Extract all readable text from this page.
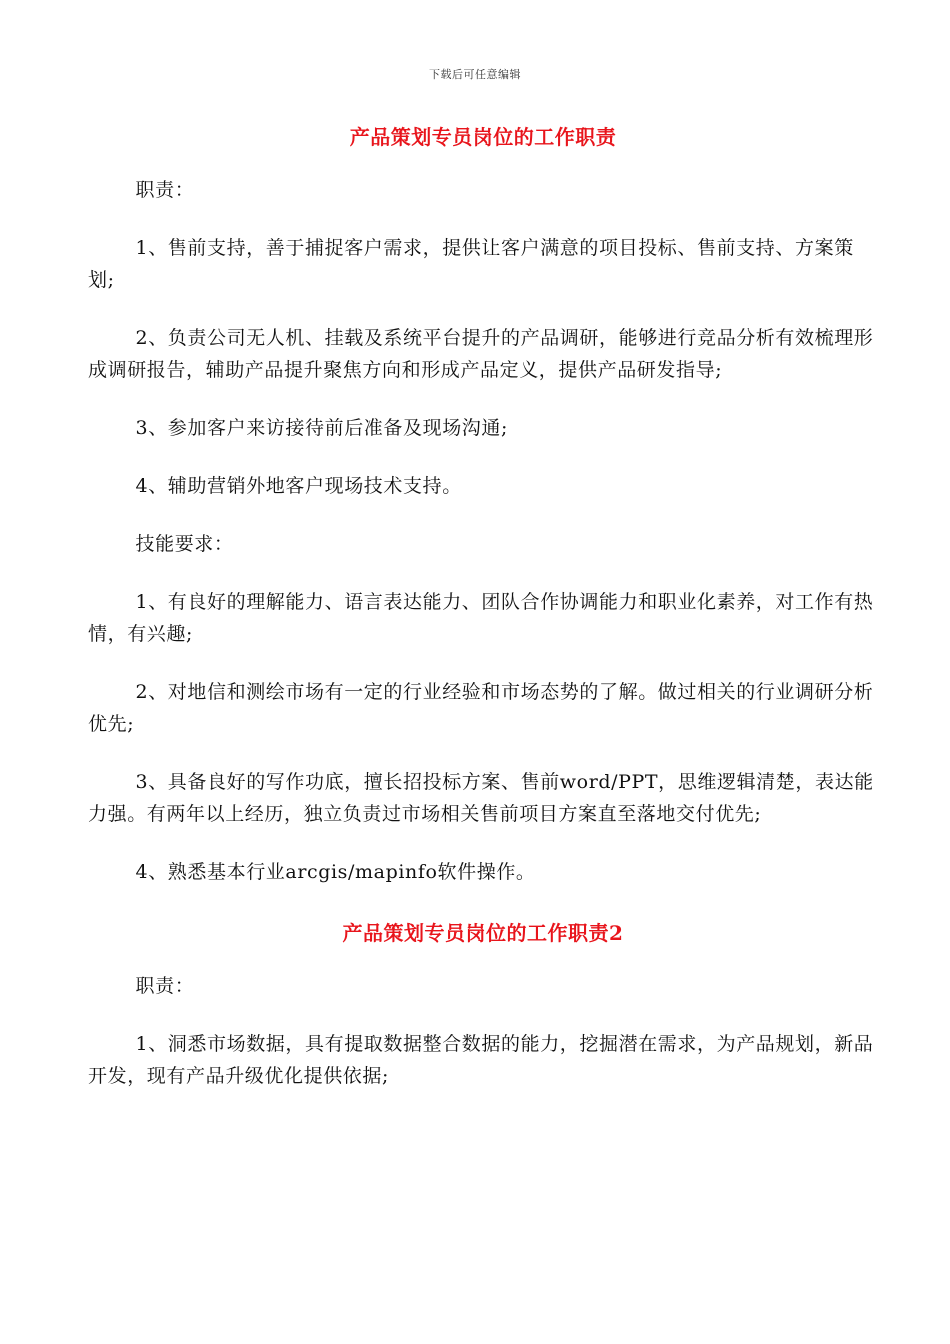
下载后可任意编辑
产品策划专员岗位的工作职责

职责：

1、售前支持，善于捕捉客户需求，提供让客户满意的项目投标、售前支持、方案策划;

2、负责公司无人机、挂载及系统平台提升的产品调研，能够进行竞品分析有效梳理形成调研报告，辅助产品提升聚焦方向和形成产品定义，提供产品研发指导;

3、参加客户来访接待前后准备及现场沟通;

4、辅助营销外地客户现场技术支持。

技能要求：

1、有良好的理解能力、语言表达能力、团队合作协调能力和职业化素养，对工作有热情，有兴趣;

2、对地信和测绘市场有一定的行业经验和市场态势的了解。做过相关的行业调研分析优先;

3、具备良好的写作功底，擅长招投标方案、售前word/PPT，思维逻辑清楚，表达能力强。有两年以上经历，独立负责过市场相关售前项目方案直至落地交付优先;

4、熟悉基本行业arcgis/mapinfo软件操作。

产品策划专员岗位的工作职责2

职责：

1、洞悉市场数据，具有提取数据整合数据的能力，挖掘潜在需求，为产品规划，新品开发，现有产品升级优化提供依据;
